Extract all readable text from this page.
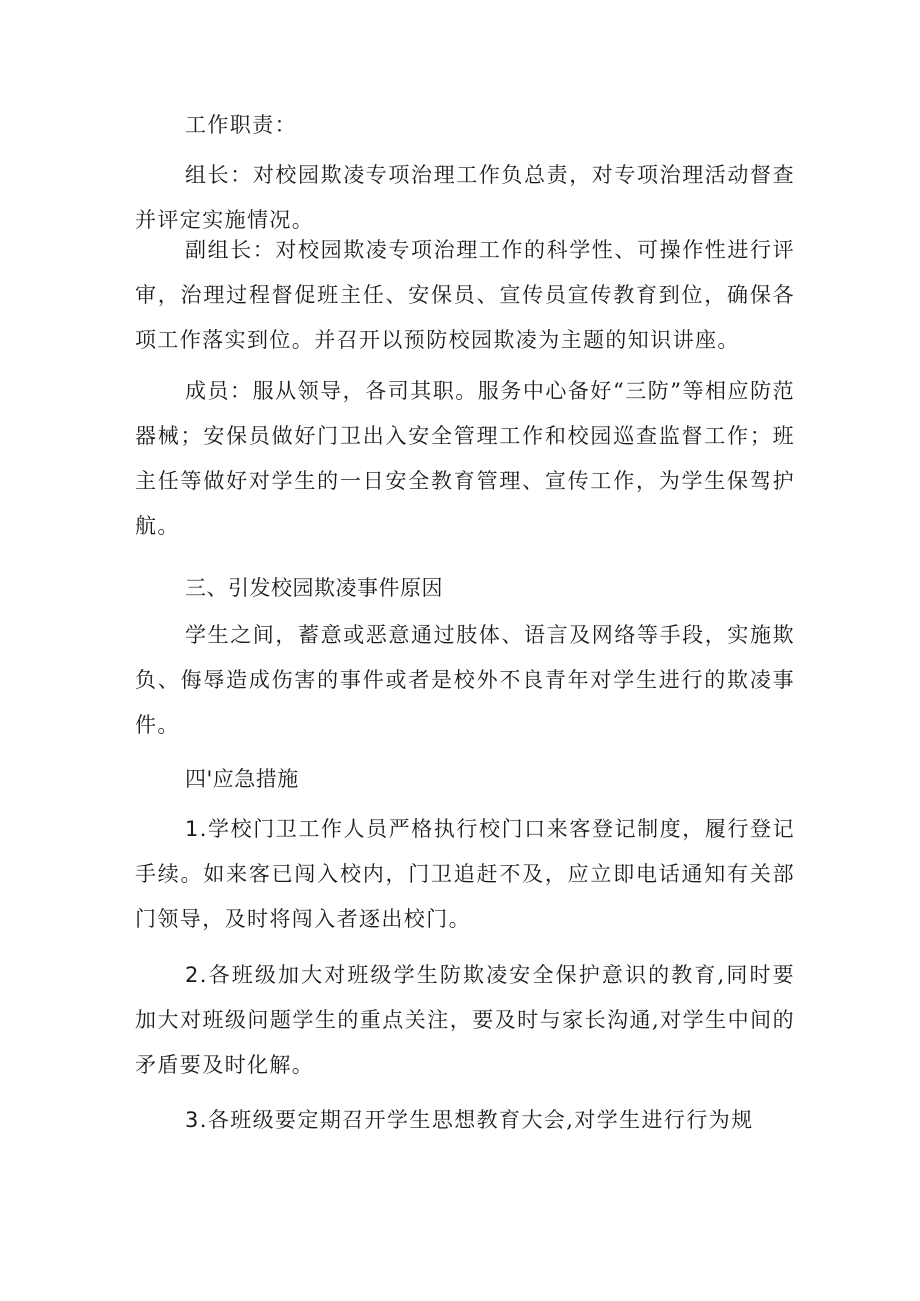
工作职责：

组长：对校园欺凌专项治理工作负总责，对专项治理活动督查并评定实施情况。

副组长：对校园欺凌专项治理工作的科学性、可操作性进行评审，治理过程督促班主任、安保员、宣传员宣传教育到位，确保各项工作落实到位。并召开以预防校园欺凌为主题的知识讲座。

成员：服从领导，各司其职。服务中心备好“三防”等相应防范器械；安保员做好门卫出入安全管理工作和校园巡查监督工作；班主任等做好对学生的一日安全教育管理、宣传工作，为学生保驾护航。

三、引发校园欺凌事件原因

学生之间，蓄意或恶意通过肢体、语言及网络等手段，实施欺负、侮辱造成伤害的事件或者是校外不良青年对学生进行的欺凌事件。

四'应急措施

1.学校门卫工作人员严格执行校门口来客登记制度，履行登记手续。如来客已闯入校内，门卫追赶不及，应立即电话通知有关部门领导，及时将闯入者逐出校门。

2.各班级加大对班级学生防欺凌安全保护意识的教育,同时要加大对班级问题学生的重点关注，要及时与家长沟通,对学生中间的矛盾要及时化解。

3.各班级要定期召开学生思想教育大会,对学生进行行为规
